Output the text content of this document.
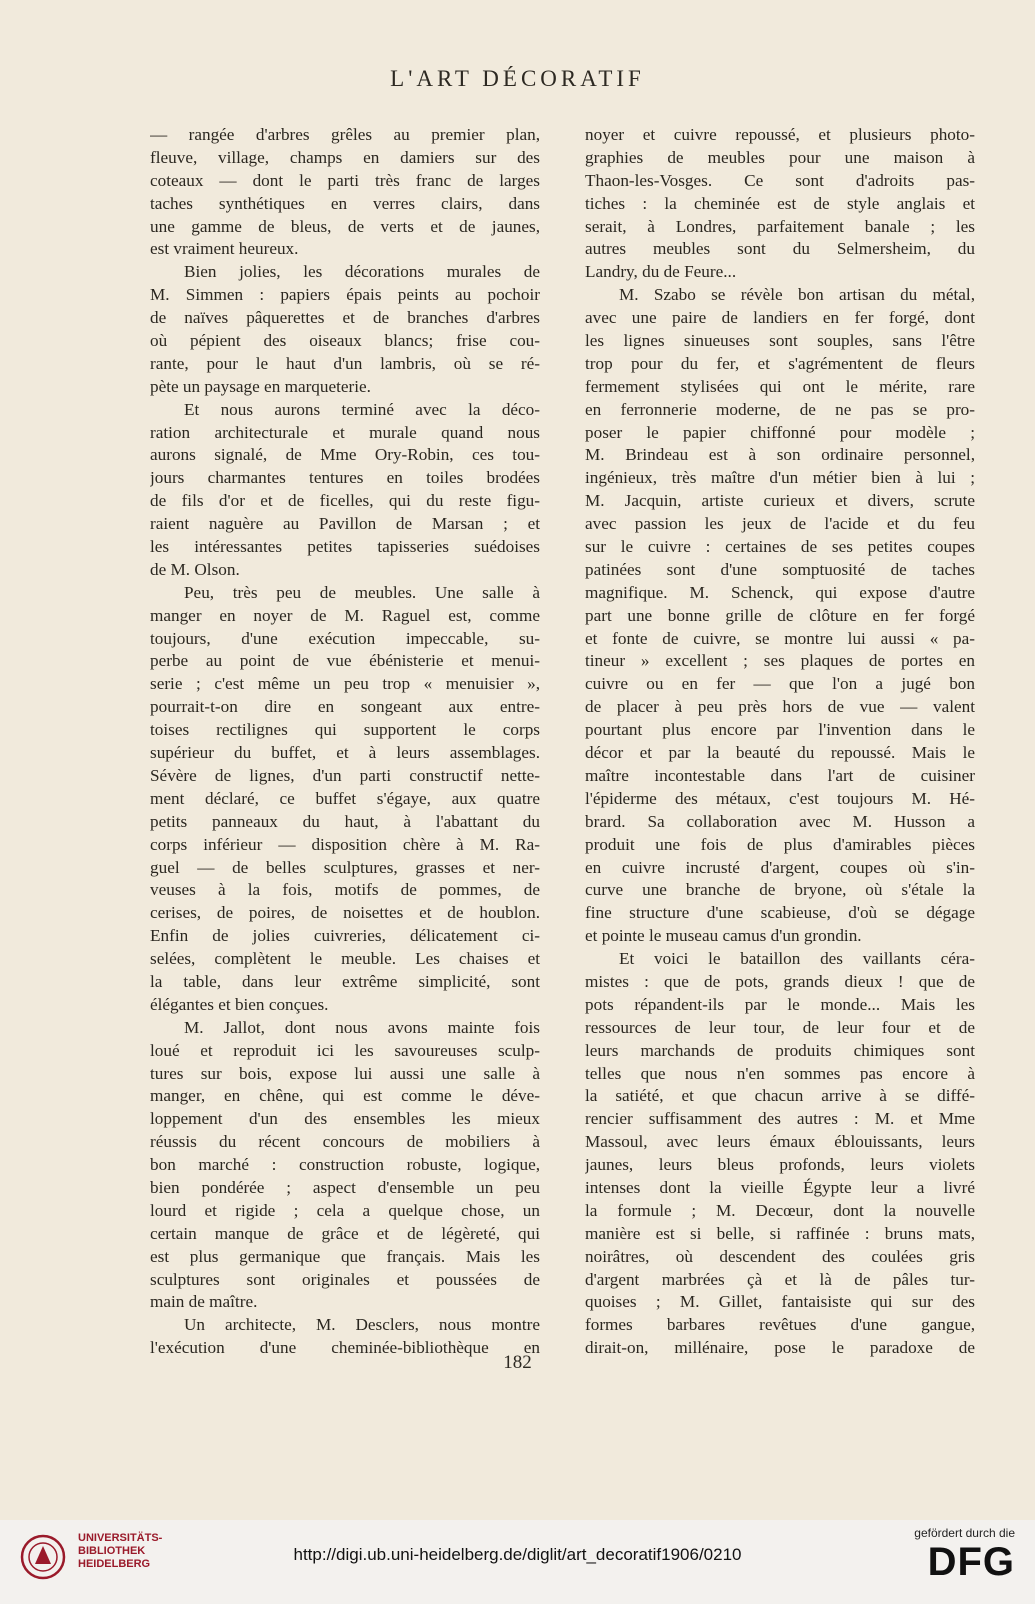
L'ART DÉCORATIF
— rangée d'arbres grêles au premier plan,
fleuve, village, champs en damiers sur des
coteaux — dont le parti très franc de larges
taches synthétiques en verres clairs, dans
une gamme de bleus, de verts et de jaunes,
est vraiment heureux.
Bien jolies, les décorations murales de
M. Simmen : papiers épais peints au pochoir
de naïves pâquerettes et de branches d'arbres
où pépient des oiseaux blancs; frise cou-
rante, pour le haut d'un lambris, où se ré-
pète un paysage en marqueterie.
Et nous aurons terminé avec la déco-
ration architecturale et murale quand nous
aurons signalé, de Mme Ory-Robin, ces tou-
jours charmantes tentures en toiles brodées
de fils d'or et de ficelles, qui du reste figu-
raient naguère au Pavillon de Marsan ; et
les intéressantes petites tapisseries suédoises
de M. Olson.
Peu, très peu de meubles. Une salle à
manger en noyer de M. Raguel est, comme
toujours, d'une exécution impeccable, su-
perbe au point de vue ébénisterie et menui-
serie ; c'est même un peu trop « menuisier »,
pourrait-t-on dire en songeant aux entre-
toises rectilignes qui supportent le corps
supérieur du buffet, et à leurs assemblages.
Sévère de lignes, d'un parti constructif nette-
ment déclaré, ce buffet s'égaye, aux quatre
petits panneaux du haut, à l'abattant du
corps inférieur — disposition chère à M. Ra-
guel — de belles sculptures, grasses et ner-
veuses à la fois, motifs de pommes, de
cerises, de poires, de noisettes et de houblon.
Enfin de jolies cuivreries, délicatement ci-
selées, complètent le meuble. Les chaises et
la table, dans leur extrême simplicité, sont
élégantes et bien conçues.
M. Jallot, dont nous avons mainte fois
loué et reproduit ici les savoureuses sculp-
tures sur bois, expose lui aussi une salle à
manger, en chêne, qui est comme le déve-
loppement d'un des ensembles les mieux
réussis du récent concours de mobiliers à
bon marché : construction robuste, logique,
bien pondérée ; aspect d'ensemble un peu
lourd et rigide ; cela a quelque chose, un
certain manque de grâce et de légèreté, qui
est plus germanique que français. Mais les
sculptures sont originales et poussées de
main de maître.
Un architecte, M. Desclers, nous montre
l'exécution d'une cheminée-bibliothèque en
noyer et cuivre repoussé, et plusieurs photo-
graphies de meubles pour une maison à
Thaon-les-Vosges. Ce sont d'adroits pas-
tiches : la cheminée est de style anglais et
serait, à Londres, parfaitement banale ; les
autres meubles sont du Selmersheim, du
Landry, du de Feure...
M. Szabo se révèle bon artisan du métal,
avec une paire de landiers en fer forgé, dont
les lignes sinueuses sont souples, sans l'être
trop pour du fer, et s'agrémentent de fleurs
fermement stylisées qui ont le mérite, rare
en ferronnerie moderne, de ne pas se pro-
poser le papier chiffonné pour modèle ;
M. Brindeau est à son ordinaire personnel,
ingénieux, très maître d'un métier bien à lui ;
M. Jacquin, artiste curieux et divers, scrute
avec passion les jeux de l'acide et du feu
sur le cuivre : certaines de ses petites coupes
patinées sont d'une somptuosité de taches
magnifique. M. Schenck, qui expose d'autre
part une bonne grille de clôture en fer forgé
et fonte de cuivre, se montre lui aussi « pa-
tineur » excellent ; ses plaques de portes en
cuivre ou en fer — que l'on a jugé bon
de placer à peu près hors de vue — valent
pourtant plus encore par l'invention dans le
décor et par la beauté du repoussé. Mais le
maître incontestable dans l'art de cuisiner
l'épiderme des métaux, c'est toujours M. Hé-
brard. Sa collaboration avec M. Husson a
produit une fois de plus d'amirables pièces
en cuivre incrusté d'argent, coupes où s'in-
curve une branche de bryone, où s'étale la
fine structure d'une scabieuse, d'où se dégage
et pointe le museau camus d'un grondin.
Et voici le bataillon des vaillants céra-
mistes : que de pots, grands dieux ! que de
pots répandent-ils par le monde... Mais les
ressources de leur tour, de leur four et de
leurs marchands de produits chimiques sont
telles que nous n'en sommes pas encore à
la satiété, et que chacun arrive à se diffé-
rencier suffisamment des autres : M. et Mme
Massoul, avec leurs émaux éblouissants, leurs
jaunes, leurs bleus profonds, leurs violets
intenses dont la vieille Égypte leur a livré
la formule ; M. Decœur, dont la nouvelle
manière est si belle, si raffinée : bruns mats,
noirâtres, où descendent des coulées gris
d'argent marbrées çà et là de pâles tur-
quoises ; M. Gillet, fantaisiste qui sur des
formes barbares revêtues d'une gangue,
dirait-on, millénaire, pose le paradoxe de
182
UNIVERSITÄTS-
BIBLIOTHEK
HEIDELBERG	http://digi.ub.uni-heidelberg.de/diglit/art_decoratif1906/0210
gefördert durch die
DFG
